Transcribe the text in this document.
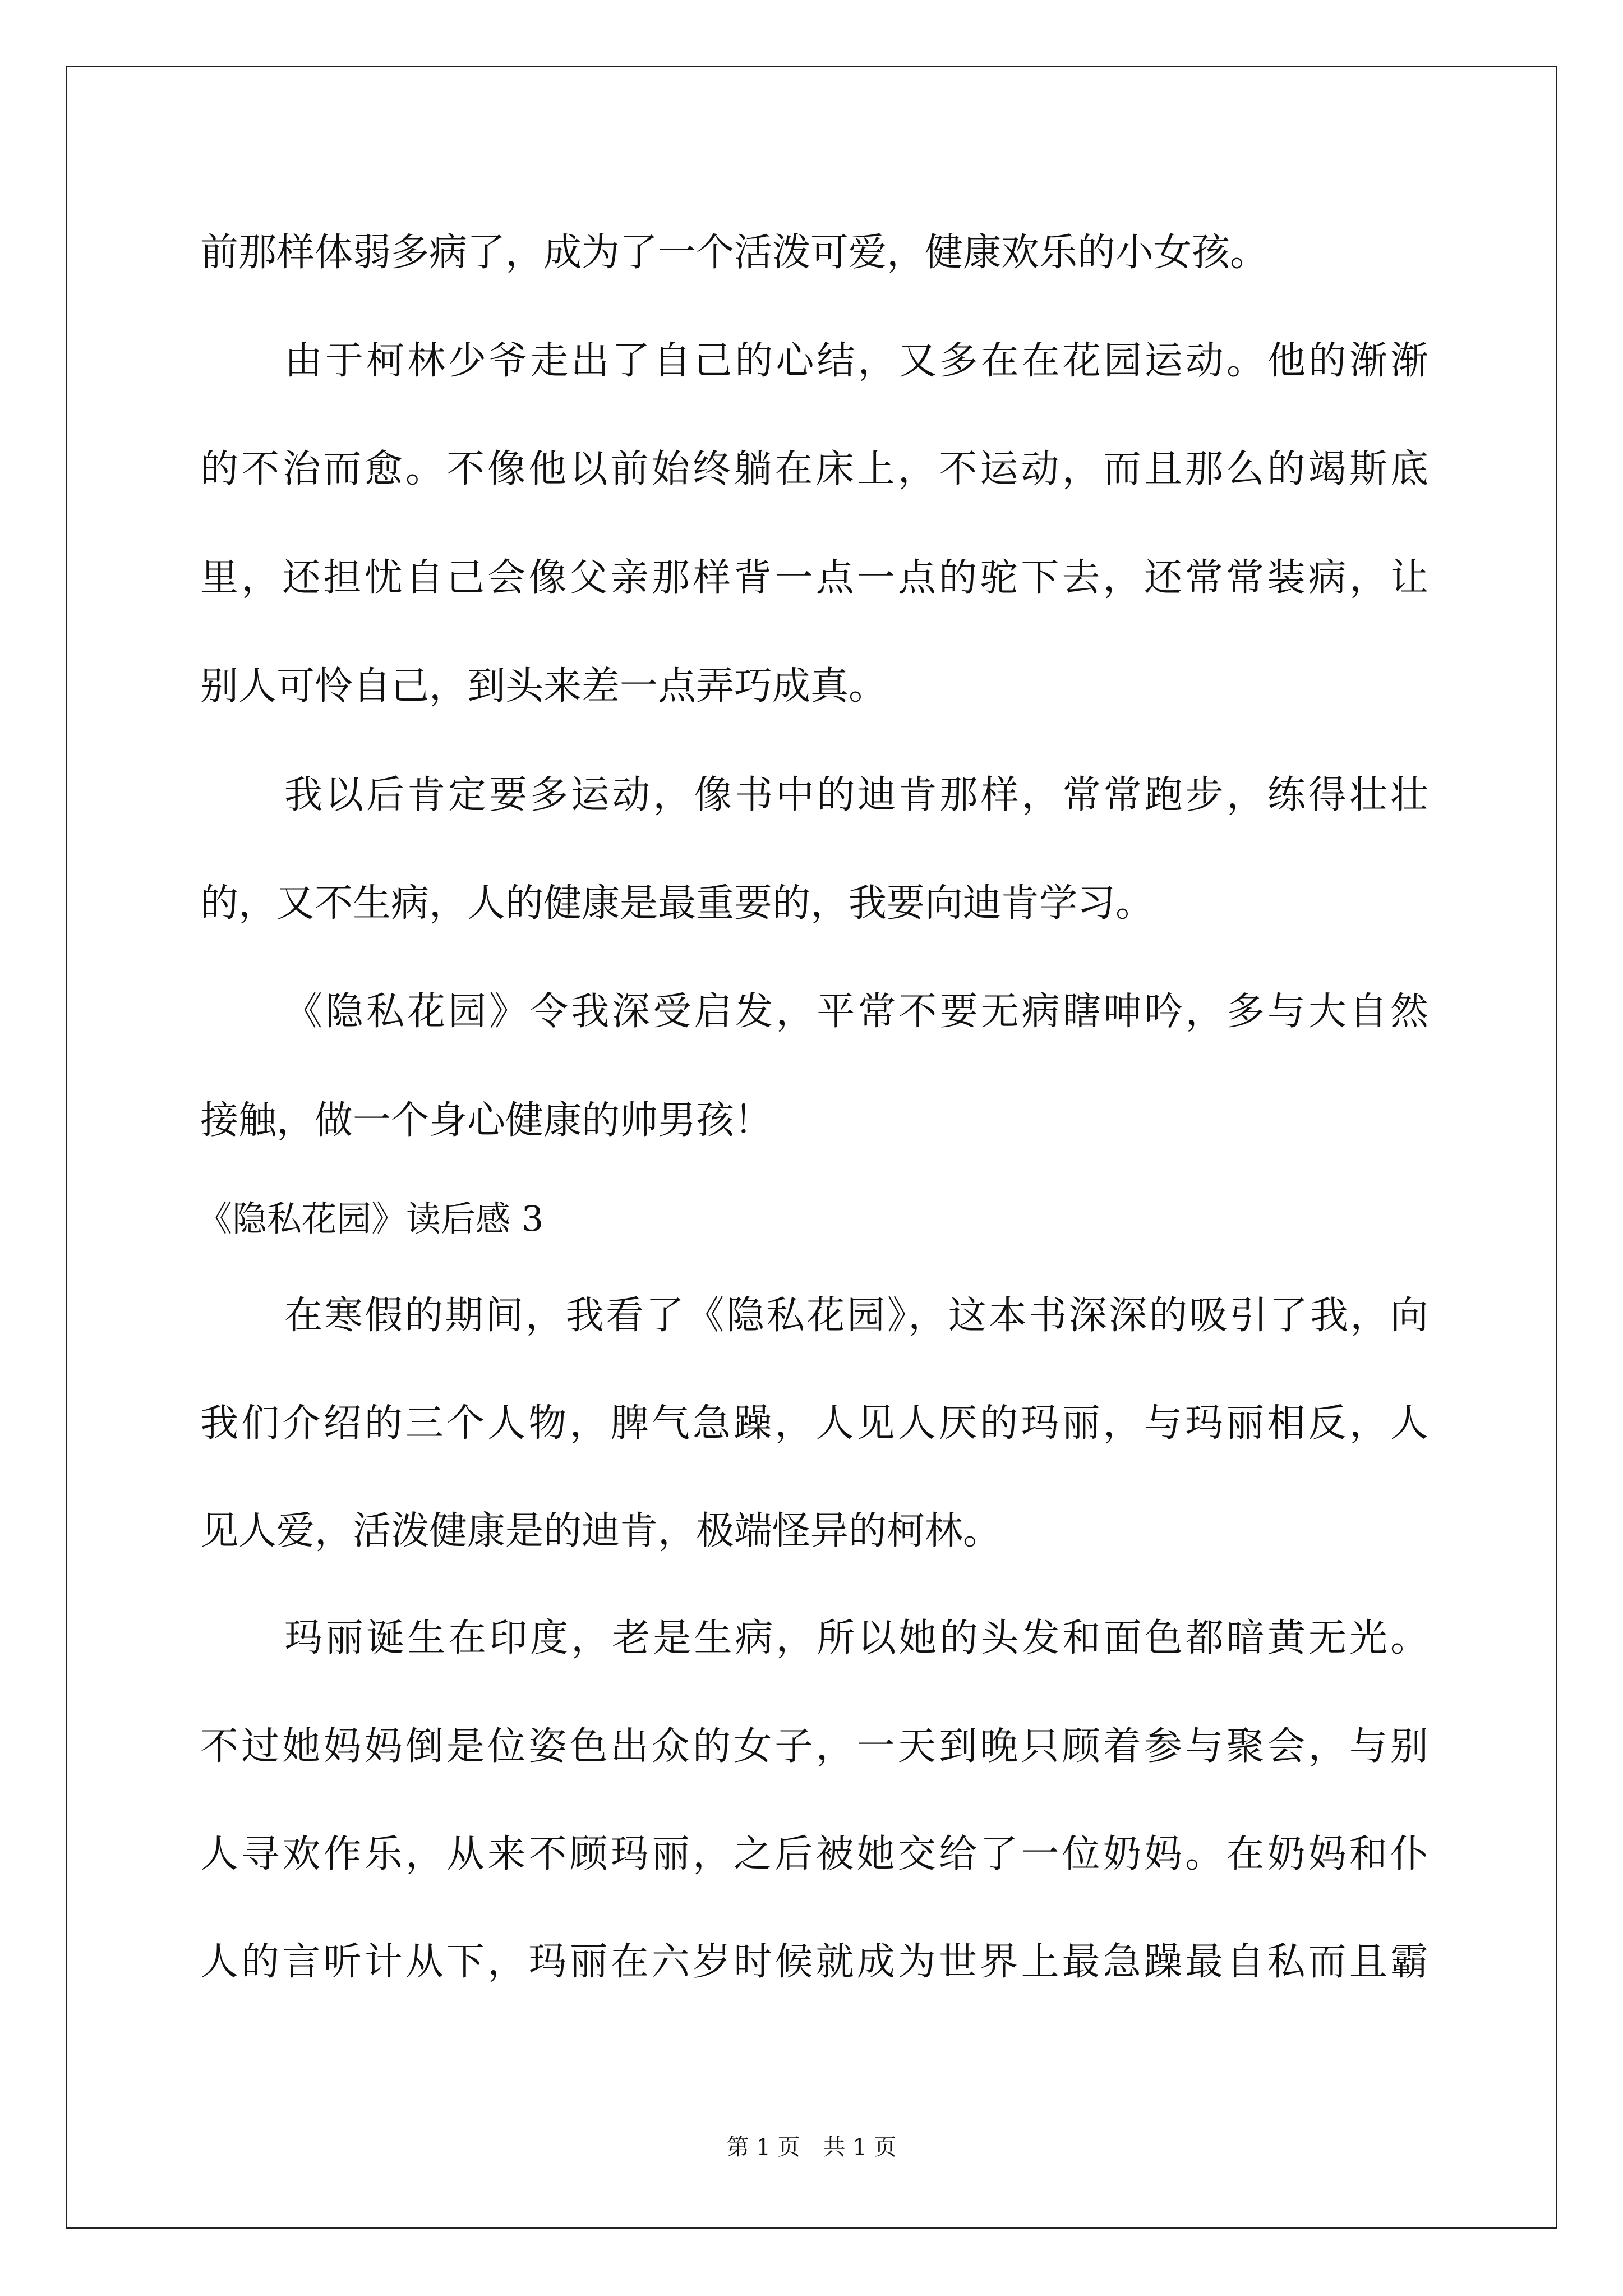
前那样体弱多病了，成为了一个活泼可爱，健康欢乐的小女孩。
由于柯林少爷走出了自己的心结，又多在在花园运动。他的渐渐
的不治而愈。不像他以前始终躺在床上，不运动，而且那么的竭斯底
里，还担忧自己会像父亲那样背一点一点的驼下去，还常常装病，让
别人可怜自己，到头来差一点弄巧成真。
我以后肯定要多运动，像书中的迪肯那样，常常跑步，练得壮壮
的，又不生病，人的健康是最重要的，我要向迪肯学习。
《隐私花园》令我深受启发，平常不要无病瞎呻吟，多与大自然
接触，做一个身心健康的帅男孩！
《隐私花园》读后感 3
在寒假的期间，我看了《隐私花园》，这本书深深的吸引了我，向
我们介绍的三个人物，脾气急躁，人见人厌的玛丽，与玛丽相反，人
见人爱，活泼健康是的迪肯，极端怪异的柯林。
玛丽诞生在印度，老是生病，所以她的头发和面色都暗黄无光。
不过她妈妈倒是位姿色出众的女子，一天到晚只顾着参与聚会，与别
人寻欢作乐，从来不顾玛丽，之后被她交给了一位奶妈。在奶妈和仆
人的言听计从下，玛丽在六岁时候就成为世界上最急躁最自私而且霸
第 1 页 共 1 页
